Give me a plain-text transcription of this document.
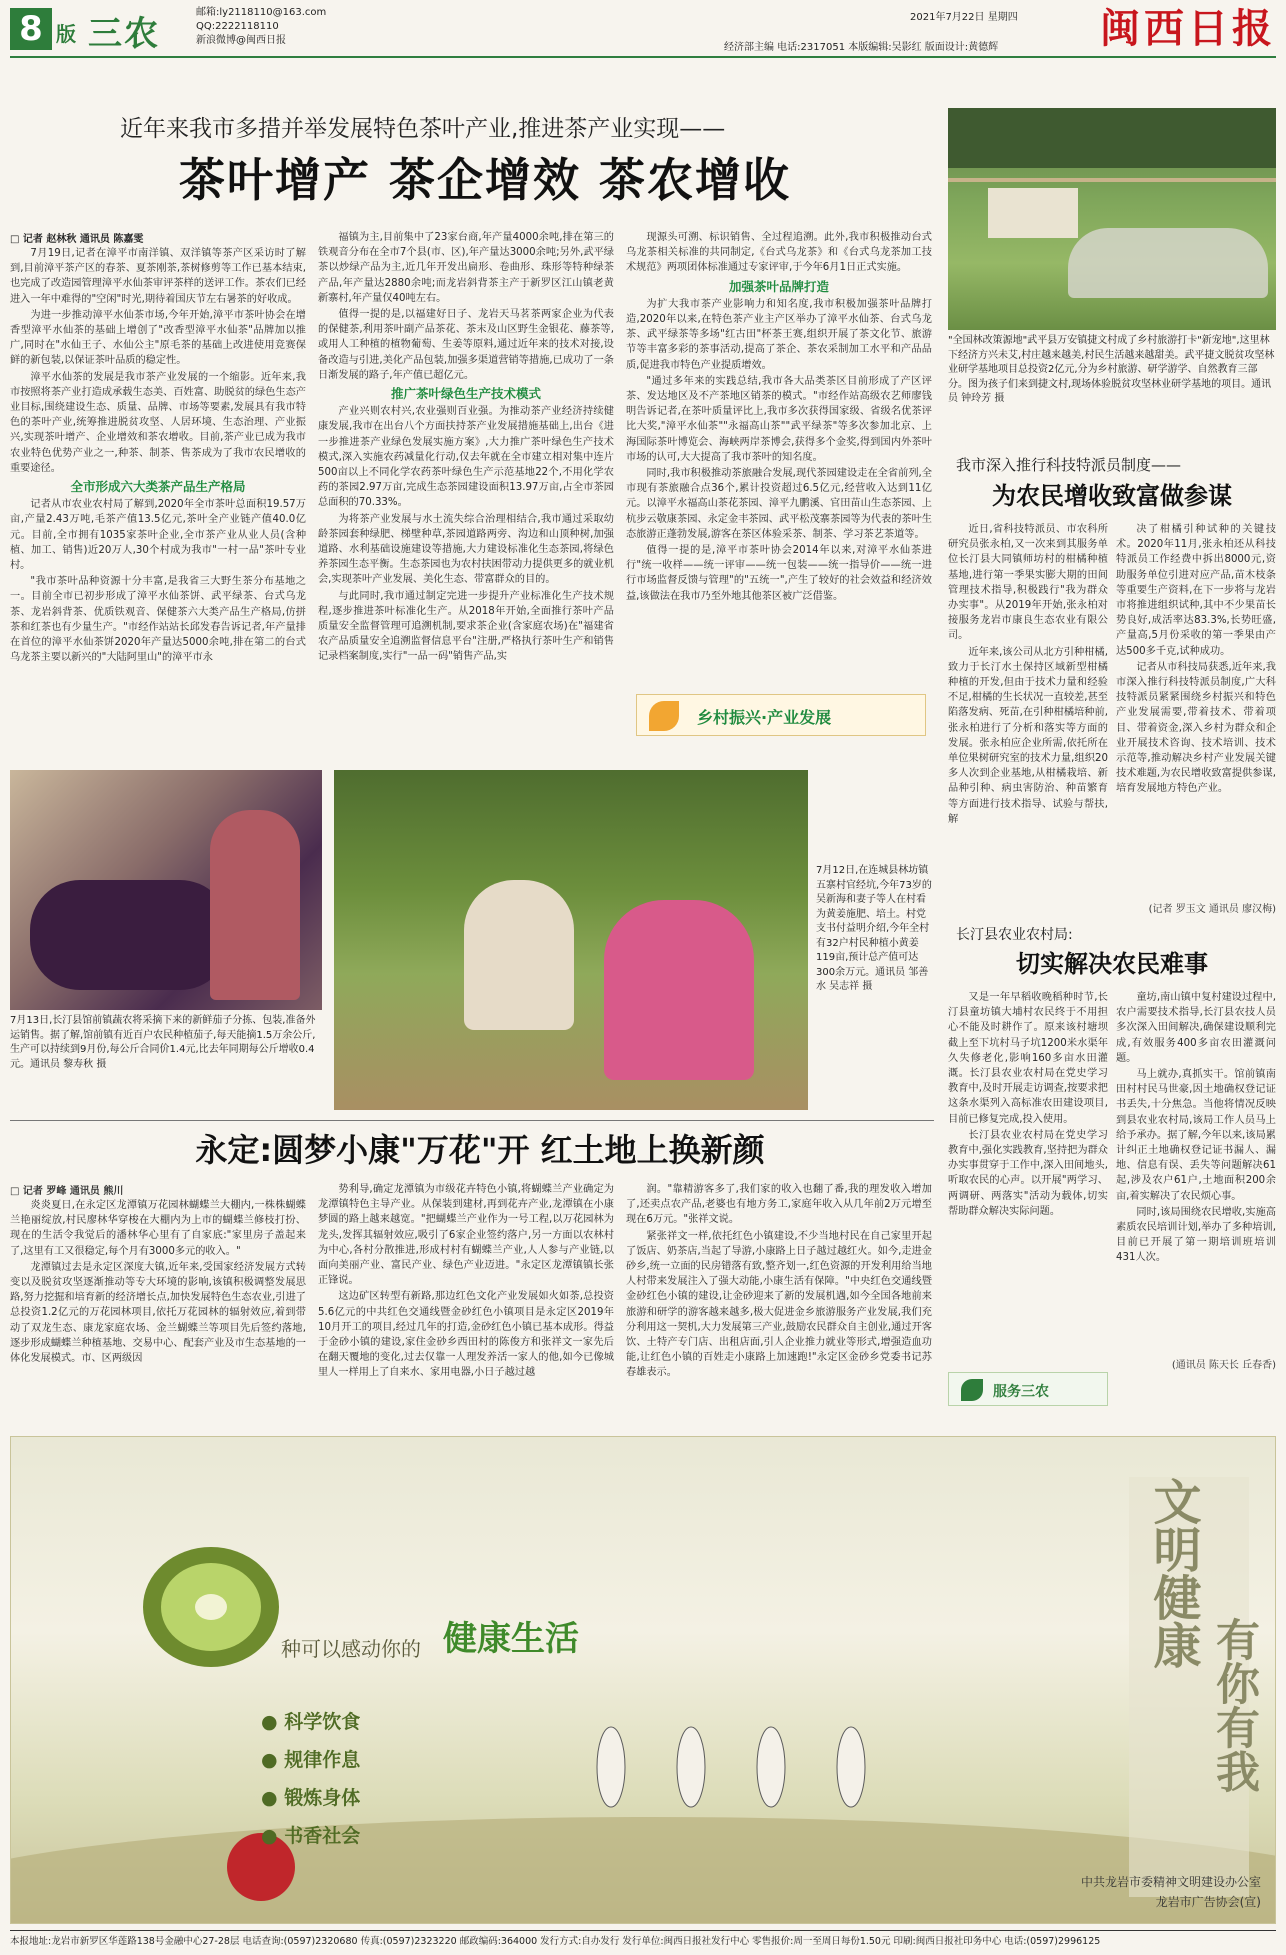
8 版 三农
邮箱:ly2118110@163.com
QQ:2222118110
新浪微博@闽西日报
2021年7月22日 星期四
经济部主编 电话:2317051 本版编辑:吴影红 版面设计:黄德辉	闽西日报
近年来我市多措并举发展特色茶叶产业,推进茶产业实现——
茶叶增产 茶企增效 茶农增收
□ 记者 赵林秋 通讯员 陈嘉雯

7月19日,记者在漳平市南洋镇、双洋镇等茶产区采访时了解到,目前漳平茶产区的春茶、夏茶刚茶,茶树修剪等工作已基本结束,也完成了改造园管理漳平水仙茶审评茶样的送评工作。茶农们已经进入一年中难得的"空闲"时光,期待着国庆节左右暑茶的好收成。

为进一步推动漳平水仙茶市场,今年开始,漳平市茶叶协会在增香型漳平水仙茶的基础上增创了"改香型漳平水仙茶"品牌加以推广,同时在"水仙王子、水仙公主"原毛茶的基础上改进使用竞赛保鲜的新包装,以保证茶叶品质的稳定性。

漳平水仙茶的发展是我市茶产业发展的一个缩影。近年来,我市按照将茶产业打造成承载生态美、百姓富、助脱贫的绿色生态产业目标,围绕建设生态、质量、品牌、市场等要素,发展具有我市特色的茶叶产业,统筹推进脱贫攻坚、人居环境、生态治理、产业振兴,实现茶叶增产、企业增效和茶农增收。目前,茶产业已成为我市农业特色优势产业之一,种茶、制茶、售茶成为了我市农民增收的重要途径。

全市形成六大类茶产品生产格局

记者从市农业农村局了解到,2020年全市茶叶总面积19.57万亩,产量2.43万吨,毛茶产值13.5亿元,茶叶全产业链产值40.0亿元。目前,全市拥有1035家茶叶企业,全市茶产业从业人员(含种植、加工、销售)近20万人,30个村成为我市"一村一品"茶叶专业村。

"我市茶叶品种资源十分丰富,是我省三大野生茶分布基地之一。目前全市已初步形成了漳平水仙茶饼、武平绿茶、台式乌龙茶、龙岩斜背茶、优质铁观音、保健茶六大类产品生产格局,仿拼茶和红茶也有少量生产。"市经作站站长邱发春告诉记者,年产量排在首位的漳平水仙茶饼2020年产量达5000余吨,排在第二的台式乌龙茶主要以新兴的"大陆阿里山"的漳平市永

福镇为主,目前集中了23家台商,年产量4000余吨,排在第三的铁观音分布在全市7个县(市、区),年产量达3000余吨;另外,武平绿茶以炒绿产品为主,近几年开发出扁形、卷曲形、珠形等特种绿茶产品,年产量达2880余吨;而龙岩斜背茶主产于新罗区江山镇老黄新寨村,年产量仅40吨左右。

值得一提的是,以福建好日子、龙岩天马茗茶两家企业为代表的保健茶,利用茶叶副产品茶花、茶末及山区野生金银花、藤茶等,或用人工种植的植物葡萄、生姜等原料,通过近年来的技术对接,设备改造与引进,美化产品包装,加强多渠道营销等措施,已成功了一条日渐发展的路子,年产值已超亿元。

推广茶叶绿色生产技术模式

产业兴则农村兴,农业强则百业强。为推动茶产业经济持续健康发展,我市在出台八个方面扶持茶产业发展措施基础上,出台《进一步推进茶产业绿色发展实施方案》,大力推广茶叶绿色生产技术模式,深入实施农药减量化行动,仅去年就在全市建立相对集中连片500亩以上不同化学农药茶叶绿色生产示范基地22个,不用化学农药的茶园2.97万亩,完成生态茶园建设面积13.97万亩,占全市茶园总面积的70.33%。

为将茶产业发展与水土流失综合治理相结合,我市通过采取幼龄茶园套种绿肥、梯壁种草,茶园道路两旁、沟边和山顶种树,加强道路、水利基础设施建设等措施,大力建设标准化生态茶园,将绿色养茶园生态平衡。生态茶园也为农村扶困带动力提供更多的就业机会,实现茶叶产业发展、美化生态、带富群众的目的。

与此同时,我市通过制定完进一步提升产业标准化生产技术规程,逐步推进茶叶标准化生产。从2018年开始,全面推行茶叶产品质量安全监督管理可追溯机制,要求茶企业(含家庭农场)在"福建省农产品质量安全追溯监督信息平台"注册,严格执行茶叶生产和销售记录档案制度,实行"一品一码"销售产品,实

现源头可溯、标识销售、全过程追溯。此外,我市积极推动台式乌龙茶相关标准的共同制定,《台式乌龙茶》和《台式乌龙茶加工技术规范》两项团体标准通过专家评审,于今年6月1日正式实施。

加强茶叶品牌打造

为扩大我市茶产业影响力和知名度,我市积极加强茶叶品牌打造,2020年以来,在特色茶产业主产区举办了漳平水仙茶、台式乌龙茶、武平绿茶等多场"红古田"杯茶王赛,组织开展了茶文化节、旅游节等丰富多彩的茶事活动,提高了茶企、茶农采制加工水平和产品品质,促进我市特色产业提质增效。

"通过多年来的实践总结,我市各大品类茶区目前形成了产区评茶、发达地区及不产茶地区销茶的模式。"市经作站高级农艺师廖钱明告诉记者,在茶叶质量评比上,我市多次获得国家级、省级名优茶评比大奖,"漳平水仙茶""永福高山茶""武平绿茶"等多次参加北京、上海国际茶叶博览会、海峡两岸茶博会,获得多个金奖,得到国内外茶叶市场的认可,大大提高了我市茶叶的知名度。

同时,我市积极推动茶旅融合发展,现代茶园建设走在全省前列,全市现有茶旅融合点36个,累计投资超过6.5亿元,经营收入达到11亿元。以漳平水福高山茶花茶园、漳平九鹏溪、官田苗山生态茶园、上杭步云敬康茶园、永定金丰茶园、武平松茂寨茶园等为代表的茶叶生态旅游正蓬勃发展,游客在茶区体验采茶、制茶、学习茶艺茶道等。

值得一提的是,漳平市茶叶协会2014年以来,对漳平水仙茶进行"统一收样——统一评审——统一包装——统一指导价——统一进行市场监督反馈与管理"的"五统一",产生了较好的社会效益和经济效益,该做法在我市乃至外地其他茶区被广泛借鉴。

乡村振兴·产业发展
"全国林改策源地"武平县万安镇捷文村成了乡村旅游打卡"新宠地",这里林下经济方兴未艾,村庄越来越美,村民生活越来越甜美。武平捷文脱贫攻坚林业研学基地项目总投资2亿元,分为乡村旅游、研学游学、自然教育三部分。图为孩子们来到捷文村,现场体验脱贫攻坚林业研学基地的项目。通讯员 钟玲芳 摄
我市深入推行科技特派员制度——
为农民增收致富做参谋

近日,省科技特派员、市农科所研究员张永柏,又一次来到其服务单位长汀县大同镇师坊村的柑橘种植基地,进行第一季果实膨大期的田间管理技术指导,积极践行"我为群众办实事"。从2019年开始,张永柏对接服务龙岩市康良生态农业有限公司。

近年来,该公司从北方引种柑橘,致力于长汀水土保持区域新型柑橘种植的开发,但由于技术力量和经验不足,柑橘的生长状况一直较差,甚至陷落发病、死苗,在引种柑橘培种前,张永柏进行了分析和落实等方面的发展。张永柏应企业所需,依托所在单位果树研究室的技术力量,组织20多人次到企业基地,从柑橘栽培、新品种引种、病虫害防治、种苗繁育等方面进行技术指导、试验与帮扶,解

决了柑橘引种试种的关键技术。2020年11月,张永柏还从科技特派员工作经费中拆出8000元,资助服务单位引进对应产品,苗木枝条等重要生产资料,在下一步将与龙岩市将推进组织试种,其中不少果苗长势良好,成活率达83.3%,长势旺盛,产量高,5月份采收的第一季果由产达500多千克,试种成功。

记者从市科技局获悉,近年来,我市深入推行科技特派员制度,广大科技特派员紧紧围绕乡村振兴和特色产业发展需要,带着技术、带着项目、带着资金,深入乡村为群众和企业开展技术咨询、技术培训、技术示范等,推动解决乡村产业发展关键技术难题,为农民增收致富提供参谋,培育发展地方特色产业。

(记者 罗玉文 通讯员 廖汉梅)
长汀县农业农村局:
切实解决农民难事

又是一年早稻收晚稻种时节,长汀县童坊镇大埔村农民终于不用担心不能及时耕作了。原来该村塘坝截上至下坑村马子坑1200米水渠年久失修老化,影响160多亩水田灌溉。长汀县农业农村局在党史学习教育中,及时开展走访调查,按要求把这条水渠列入高标准农田建设项目,目前已修复完成,投入使用。

长汀县农业农村局在党史学习教育中,强化实践教育,坚持把为群众办实事贯穿于工作中,深入田间地头,听取农民的心声。以开展"两学习、两调研、两落实"活动为载体,切实帮助群众解决实际问题。

童坊,南山镇中复村建设过程中,农户需要技术指导,长汀县农技人员多次深入田间解决,确保建设顺利完成,有效服务400多亩农田灌溉问题。

马上就办,真抓实干。馆前镇南田村村民马世豪,因土地确权登记证书丢失,十分焦急。当他将情况反映到县农业农村局,该局工作人员马上给予承办。据了解,今年以来,该局累计纠正土地确权登记证书漏人、漏地、信息有误、丢失等问题解决61起,涉及农户61户,土地面积200余亩,着实解决了农民烦心事。

同时,该局围绕农民增收,实施高素质农民培训计划,举办了多种培训,目前已开展了第一期培训班培训431人次。

(通讯员 陈天长 丘春香)
服务三农
7月13日,长汀县馆前镇蔬农将采摘下来的新鲜茄子分拣、包装,准备外运销售。据了解,馆前镇有近百户农民种植茄子,每天能摘1.5万余公斤,生产可以持续到9月份,每公斤合同价1.4元,比去年同期每公斤增收0.4元。通讯员 黎寿秋 摄
7月12日,在连城县林坊镇五寨村官经坑,今年73岁的吴新海和妻子等人在村看为黄姜施肥、培土。村党支书付益明介绍,今年全村有32户村民种植小黄姜119亩,预计总产值可达300余万元。通讯员 邹善水 吴志祥 摄
永定:圆梦小康"万花"开 红土地上换新颜
□ 记者 罗峰 通讯员 熊川

炎炎夏日,在永定区龙潭镇万花园林蝴蝶兰大棚内,一株株蝴蝶兰艳丽绽放,村民廖林华穿梭在大棚内为上市的蝴蝶兰修枝打扮、现在的生活令我觉后的潘林华心里有了自家底:"家里房子盖起来了,这里有工又很稳定,每个月有3000多元的收入。"

龙潭镇过去是永定区深度大镇,近年来,受国家经济发展方式转变以及脱贫攻坚逐渐推动等专大环境的影响,该镇积极调整发展思路,努力挖掘和培育新的经济增长点,加快发展特色生态农业,引进了总投资1.2亿元的万花园林项目,依托万花园林的辐射效应,着到带动了双龙生态、康龙家庭农场、金兰蝴蝶兰等项目先后签约落地,逐步形成蝴蝶兰种植基地、交易中心、配套产业及市生态基地的一体化发展模式。市、区两级因

势利导,确定龙潭镇为市级花卉特色小镇,将蝴蝶兰产业确定为龙潭镇特色主导产业。从保装到建材,再到花卉产业,龙潭镇在小康梦圆的路上越来越宽。"把蝴蝶兰产业作为一号工程,以万花园林为龙头,发挥其辐射效应,吸引了6家企业签约落户,另一方面以农林村为中心,各村分散推进,形成村村有蝴蝶兰产业,人人参与产业链,以面向美丽产业、富民产业、绿色产业迈进。"永定区龙潭镇镇长张正锋说。

这边矿区转型有新路,那边红色文化产业发展如火如荼,总投资5.6亿元的中共红色交通线暨金砂红色小镇项目是永定区2019年10月开工的项目,经过几年的打造,金砂红色小镇已基本成形。得益于金砂小镇的建设,家住金砂乡西田村的陈俊方和张祥文一家先后在翻天覆地的变化,过去仅靠一人理发养活一家人的他,如今已像城里人一样用上了自来水、家用电器,小日子越过越

润。"靠精游客多了,我们家的收入也翻了番,我的理发收入增加了,还卖点农产品,老婆也有地方务工,家庭年收入从几年前2万元增至现在6万元。"张祥文说。

紧张祥文一样,依托红色小镇建设,不少当地村民在自己家里开起了饭店、奶茶店,当起了导游,小康路上日子越过越红火。如今,走进金砂乡,统一立面的民房错落有致,整齐划一,红色资源的开发利用给当地人村带来发展注入了强大动能,小康生活有保障。"中央红色交通线暨金砂红色小镇的建设,让金砂迎来了新的发展机遇,如今全国各地前来旅游和研学的游客越来越多,极大促进金乡旅游服务产业发展,我们充分利用这一契机,大力发展第三产业,鼓励农民群众自主创业,通过开客饮、土特产专门店、出租店面,引人企业推力就业等形式,增强造血功能,让红色小镇的百姓走小康路上加速跑!"永定区金砂乡党委书记苏春雄表示。

种可以感动你的 健康生活
● 科学饮食
● 规律作息
● 锻炼身体
● 书香社会
文明健康
有你有我
中共龙岩市委精神文明建设办公室
龙岩市广告协会(宣)
本报地址:龙岩市新罗区华莲路138号金融中心27-28层 电话查询:(0597)2320680 传真:(0597)2323220 邮政编码:364000 发行方式:自办发行 发行单位:闽西日报社发行中心 零售报价:周一至周日每份1.50元 印刷:闽西日报社印务中心 电话:(0597)2996125
